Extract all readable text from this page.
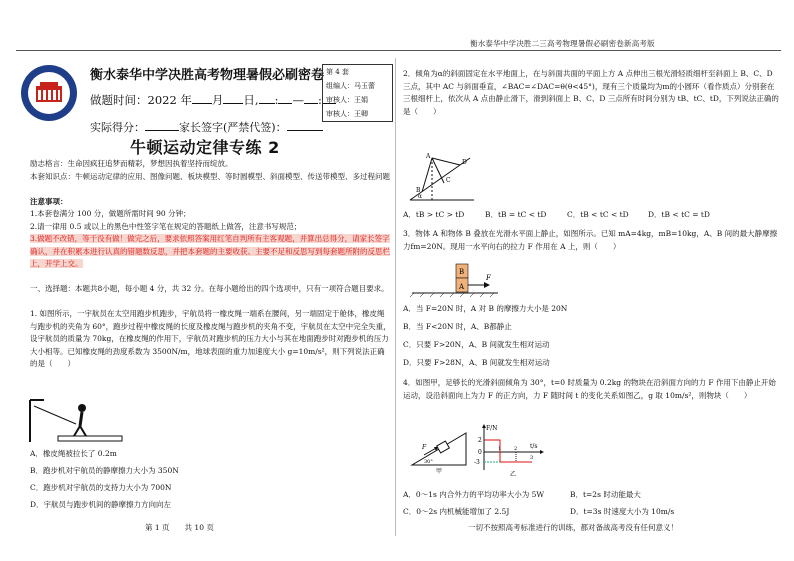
衡水泰华中学决胜二三高考物理暑假必刷密卷新高考版
衡水泰华中学决胜高考物理暑假必刷密卷
做题时间：2022 年 月 日, : — :
实际得分：	家长签字(严禁代签)：
第 4 套
组编人：马玉蕾
审核人：王娟
审核人：王卿
牛顿运动定律专练 2
励志格言：生命因疯狂追梦而精彩，梦想因执着坚持而绽放。
本套知识点：牛顿运动定律的应用、图像问题、板块模型、等时圆模型、斜面模型、传送带模型、多过程问题
注意事项：
1.本套卷满分 100 分，做题所需时间 90 分钟；
2.请一律用 0.5 或以上的黑色中性签字笔在规定的答题纸上做答，注意书写规范；
3.做题不改错，等于没有做！做完之后，要求依照答案用红笔自判所有主客观题，并算出总得分，请家长签字确认，并在积累本进行认真的错题数反思，并把本套题的主要收获、主要不足和反思写到每套题所附的反思栏上，开学上交。
一、选择题：本题共8小题，每小题 4 分，共 32 分。在每小题给出的四个选项中，只有一项符合题目要求。
1. 如图所示，一宇航员在太空用跑步机跑步，宇航员将一橡皮绳一端系在腰间，另一端固定于舱体，橡皮绳与跑步机的夹角为 60°，跑步过程中橡皮绳的长度及橡皮绳与跑步机的夹角不变，宇航员在太空中完全失重，设宇航员的质量为 70kg，在橡皮绳的作用下，宇航员对跑步机的压力大小与其在地面跑步时对跑步机的压力大小相等。已知橡皮绳的劲度系数为 3500N/m，地球表面的重力加速度大小 g=10m/s²，则下列说法正确的是（　　）
A．橡皮绳被拉长了 0.2m
B．跑步机对宇航员的静摩擦力大小为 350N
C．跑步机对宇航员的支持力大小为 700N
D．宇航员与跑步机间的静摩擦力方向向左
第 1 页　　共 10 页
2．倾角为α的斜面固定在水平地面上，在与斜面共面的平面上方 A 点伸出三根光滑轻质细杆至斜面上 B、C、D 三点，其中 AC 与斜面垂直，∠BAC=∠DAC=θ(θ<45°)，现有三个质量均为m的小圆环（看作质点）分别套在三根细杆上，依次从 A 点由静止滑下，滑到斜面上 B、C、D 三点所有时间分别为 tB、tC、tD，下列说法正确的是（　　）
A
B
C
D
α
A．tB > tC > tD	B．tB = tC < tD	C．tB < tC < tD	D．tB < tC = tD
3．物体 A 和物体 B 叠放在光滑水平面上静止，如图所示。已知 mA=4kg，mB=10kg，A、B 间的最大静摩擦力fm=20N。现用一水平向右的拉力 F 作用在 A 上，则（　　）
B
A
F
A．当 F=20N 时，A 对 B 的摩擦力大小是 20N
B．当 F<20N 时，A、B都静止
C．只要 F>20N，A、B 间就发生相对运动
D．只要 F>28N，A、B 间就发生相对运动
4．如图甲，足够长的光滑斜面倾角为 30°，t=0 时质量为 0.2kg 的物块在沿斜面方向的力 F 作用下由静止开始运动，设沿斜面向上为力 F 的正方向，力 F 随时间 t 的变化关系如图乙，g 取 10m/s²，则物块（　　）
F
30°
甲
F/N
t/s
2
0
-3
1	2
3
乙
A．0～1s 内合外力的平均功率大小为 5W	B．t=2s 时动能最大
C．0～2s 内机械能增加了 2.5J	D．t=3s 时速度大小为 10m/s
一切不按照高考标准进行的训练，都对备战高考没有任何意义！
